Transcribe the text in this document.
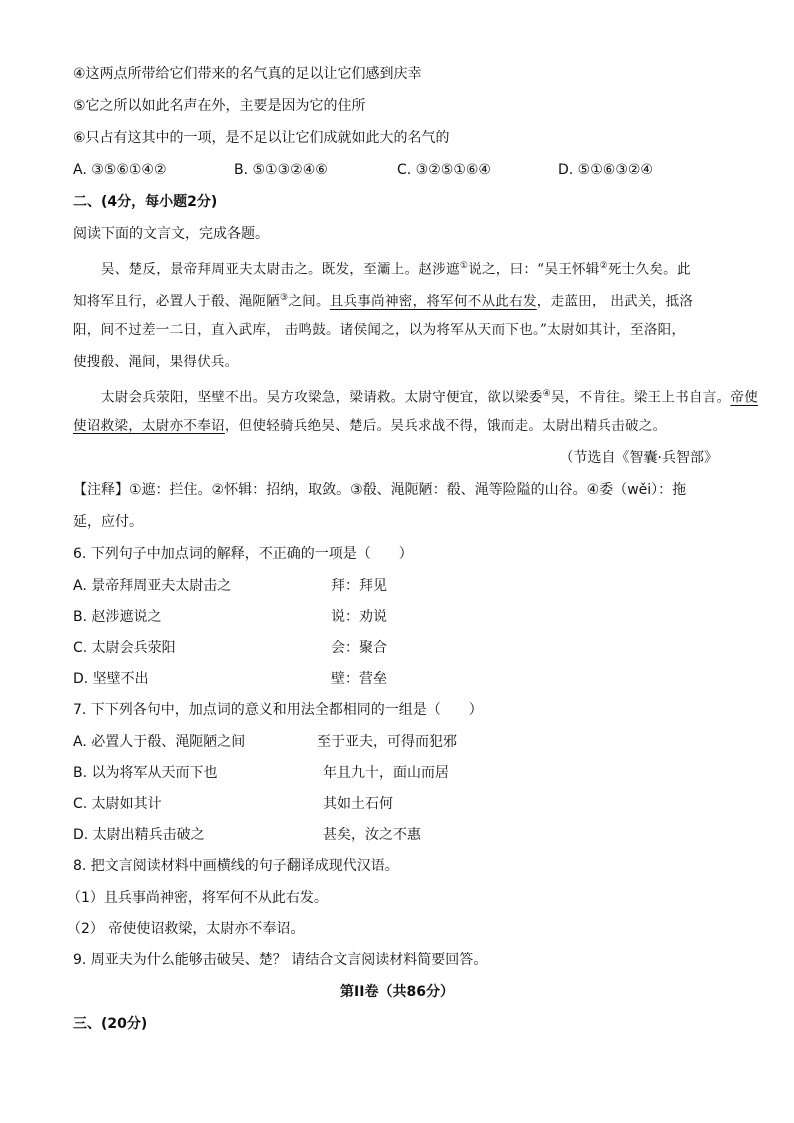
④这两点所带给它们带来的名气真的足以让它们感到庆幸
⑤它之所以如此名声在外，主要是因为它的住所
⑥只占有这其中的一项，是不足以让它们成就如此大的名气的
A. ③⑤⑥①④②	B. ⑤①③②④⑥	C. ③②⑤①⑥④	D. ⑤①⑥③②④
二、(4分，每小题2分)
阅读下面的文言文，完成各题。
吴、楚反，景帝拜周亚夫太尉击之。既发，至灞上。赵涉遮①说之，曰：“吴王怀辑②死士久矣。此
知将军且行，必置人于殽、渑阨陋③之间。且兵事尚神密，将军何不从此右发，走蓝田， 出武关，抵洛
阳，间不过差一二日，直入武库， 击鸣鼓。诸侯闻之，以为将军从天而下也。”太尉如其计，至洛阳，
使搜殽、渑间，果得伏兵。
太尉会兵荥阳，坚壁不出。吴方攻梁急，梁请救。太尉守便宜，欲以梁委④吴，不肯往。梁王上书自言。帝使
使诏救梁，太尉亦不奉诏，但使轻骑兵绝吴、楚后。吴兵求战不得，饿而走。太尉出精兵击破之。
（节选自《智囊·兵智部》
【注释】①遮：拦住。②怀辑：招纳，取敛。③殽、渑阨陋：殽、渑等险隘的山谷。④委（wěi）：拖
延，应付。
6. 下列句子中加点词的解释，不正确的一项是（　　）
A. 景帝拜周亚夫太尉击之	拜：拜见
B. 赵涉遮说之	说：劝说
C. 太尉会兵荥阳	会：聚合
D. 坚壁不出	壁：营垒
7. 下下列各句中，加点词的意义和用法全都相同的一组是（　　）
A. 必置人于殽、渑阨陋之间	至于亚夫，可得而犯邪
B. 以为将军从天而下也	年且九十，面山而居
C. 太尉如其计	其如土石何
D. 太尉出精兵击破之	甚矣，汝之不惠
8. 把文言阅读材料中画横线的句子翻译成现代汉语。
（1）且兵事尚神密，将军何不从此右发。
（2） 帝使使诏救梁，太尉亦不奉诏。
9. 周亚夫为什么能够击破吴、楚？ 请结合文言阅读材料简要回答。
第II卷（共86分）
三、(20分)
